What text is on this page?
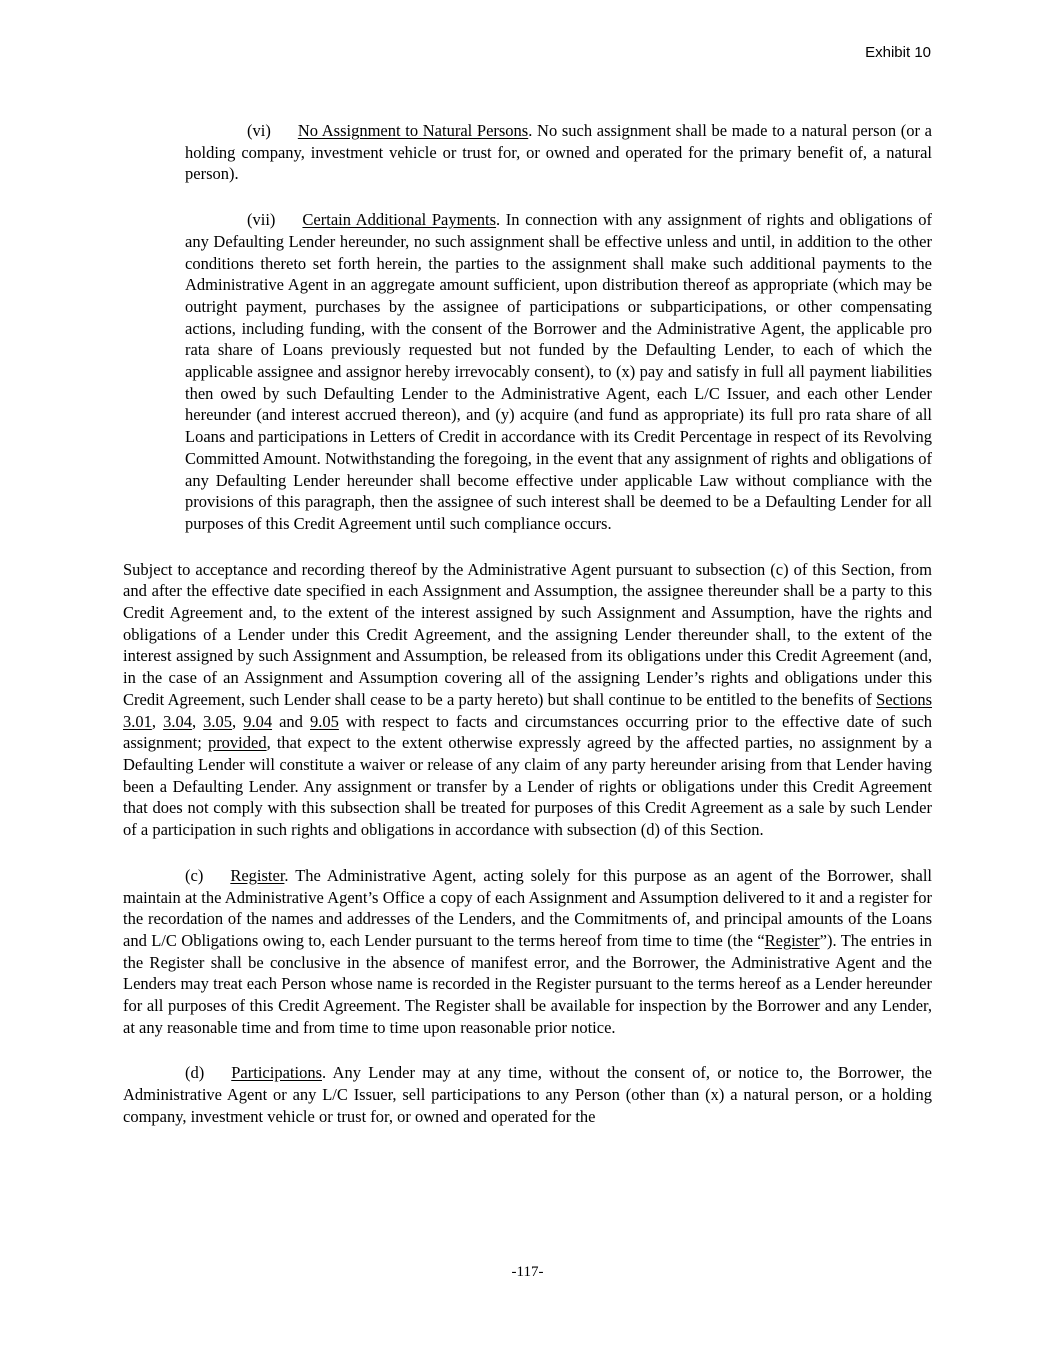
Exhibit 10

(vi) No Assignment to Natural Persons. No such assignment shall be made to a natural person (or a holding company, investment vehicle or trust for, or owned and operated for the primary benefit of, a natural person).

(vii) Certain Additional Payments. In connection with any assignment of rights and obligations of any Defaulting Lender hereunder, no such assignment shall be effective unless and until, in addition to the other conditions thereto set forth herein, the parties to the assignment shall make such additional payments to the Administrative Agent in an aggregate amount sufficient, upon distribution thereof as appropriate (which may be outright payment, purchases by the assignee of participations or subparticipations, or other compensating actions, including funding, with the consent of the Borrower and the Administrative Agent, the applicable pro rata share of Loans previously requested but not funded by the Defaulting Lender, to each of which the applicable assignee and assignor hereby irrevocably consent), to (x) pay and satisfy in full all payment liabilities then owed by such Defaulting Lender to the Administrative Agent, each L/C Issuer, and each other Lender hereunder (and interest accrued thereon), and (y) acquire (and fund as appropriate) its full pro rata share of all Loans and participations in Letters of Credit in accordance with its Credit Percentage in respect of its Revolving Committed Amount. Notwithstanding the foregoing, in the event that any assignment of rights and obligations of any Defaulting Lender hereunder shall become effective under applicable Law without compliance with the provisions of this paragraph, then the assignee of such interest shall be deemed to be a Defaulting Lender for all purposes of this Credit Agreement until such compliance occurs.

Subject to acceptance and recording thereof by the Administrative Agent pursuant to subsection (c) of this Section, from and after the effective date specified in each Assignment and Assumption, the assignee thereunder shall be a party to this Credit Agreement and, to the extent of the interest assigned by such Assignment and Assumption, have the rights and obligations of a Lender under this Credit Agreement, and the assigning Lender thereunder shall, to the extent of the interest assigned by such Assignment and Assumption, be released from its obligations under this Credit Agreement (and, in the case of an Assignment and Assumption covering all of the assigning Lender’s rights and obligations under this Credit Agreement, such Lender shall cease to be a party hereto) but shall continue to be entitled to the benefits of Sections 3.01, 3.04, 3.05, 9.04 and 9.05 with respect to facts and circumstances occurring prior to the effective date of such assignment; provided, that expect to the extent otherwise expressly agreed by the affected parties, no assignment by a Defaulting Lender will constitute a waiver or release of any claim of any party hereunder arising from that Lender having been a Defaulting Lender. Any assignment or transfer by a Lender of rights or obligations under this Credit Agreement that does not comply with this subsection shall be treated for purposes of this Credit Agreement as a sale by such Lender of a participation in such rights and obligations in accordance with subsection (d) of this Section.

(c) Register. The Administrative Agent, acting solely for this purpose as an agent of the Borrower, shall maintain at the Administrative Agent’s Office a copy of each Assignment and Assumption delivered to it and a register for the recordation of the names and addresses of the Lenders, and the Commitments of, and principal amounts of the Loans and L/C Obligations owing to, each Lender pursuant to the terms hereof from time to time (the “Register”). The entries in the Register shall be conclusive in the absence of manifest error, and the Borrower, the Administrative Agent and the Lenders may treat each Person whose name is recorded in the Register pursuant to the terms hereof as a Lender hereunder for all purposes of this Credit Agreement. The Register shall be available for inspection by the Borrower and any Lender, at any reasonable time and from time to time upon reasonable prior notice.

(d) Participations. Any Lender may at any time, without the consent of, or notice to, the Borrower, the Administrative Agent or any L/C Issuer, sell participations to any Person (other than (x) a natural person, or a holding company, investment vehicle or trust for, or owned and operated for the

-117-
